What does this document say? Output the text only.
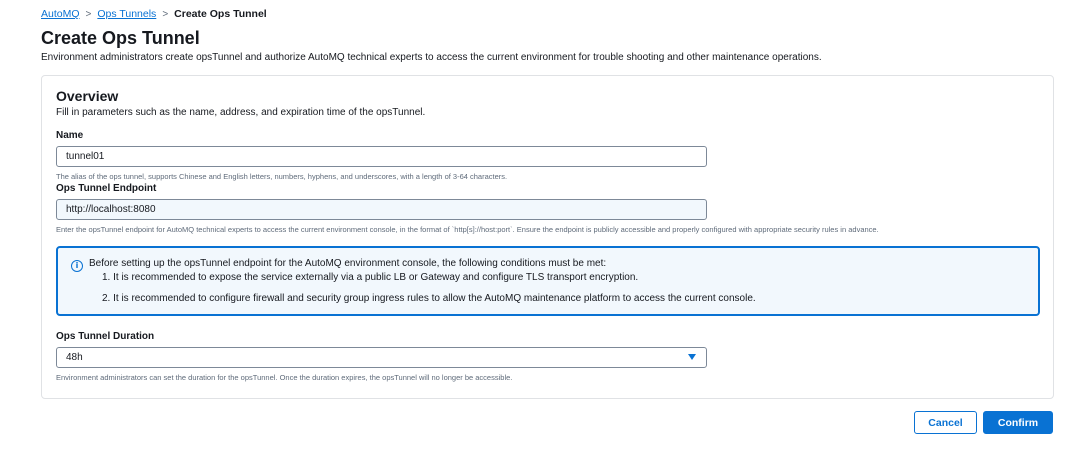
AutoMQ > Ops Tunnels > Create Ops Tunnel
Create Ops Tunnel

Environment administrators create opsTunnel and authorize AutoMQ technical experts to access the current environment for trouble shooting and other maintenance operations.

Overview

Fill in parameters such as the name, address, and expiration time of the opsTunnel.

Name
tunnel01

The alias of the ops tunnel, supports Chinese and English letters, numbers, hyphens, and underscores, with a length of 3-64 characters.

Ops Tunnel Endpoint
http://localhost:8080

Enter the opsTunnel endpoint for AutoMQ technical experts to access the current environment console, in the format of `http[s]://host:port`. Ensure the endpoint is publicly accessible and properly configured with appropriate security rules in advance.

i	Before setting up the opsTunnel endpoint for the AutoMQ environment console, the following conditions must be met:

1. It is recommended to expose the service externally via a public LB or Gateway and configure TLS transport encryption.

2. It is recommended to configure firewall and security group ingress rules to allow the AutoMQ maintenance platform to access the current console.

Ops Tunnel Duration
48h

Environment administrators can set the duration for the opsTunnel. Once the duration expires, the opsTunnel will no longer be accessible.

Cancel	Confirm
